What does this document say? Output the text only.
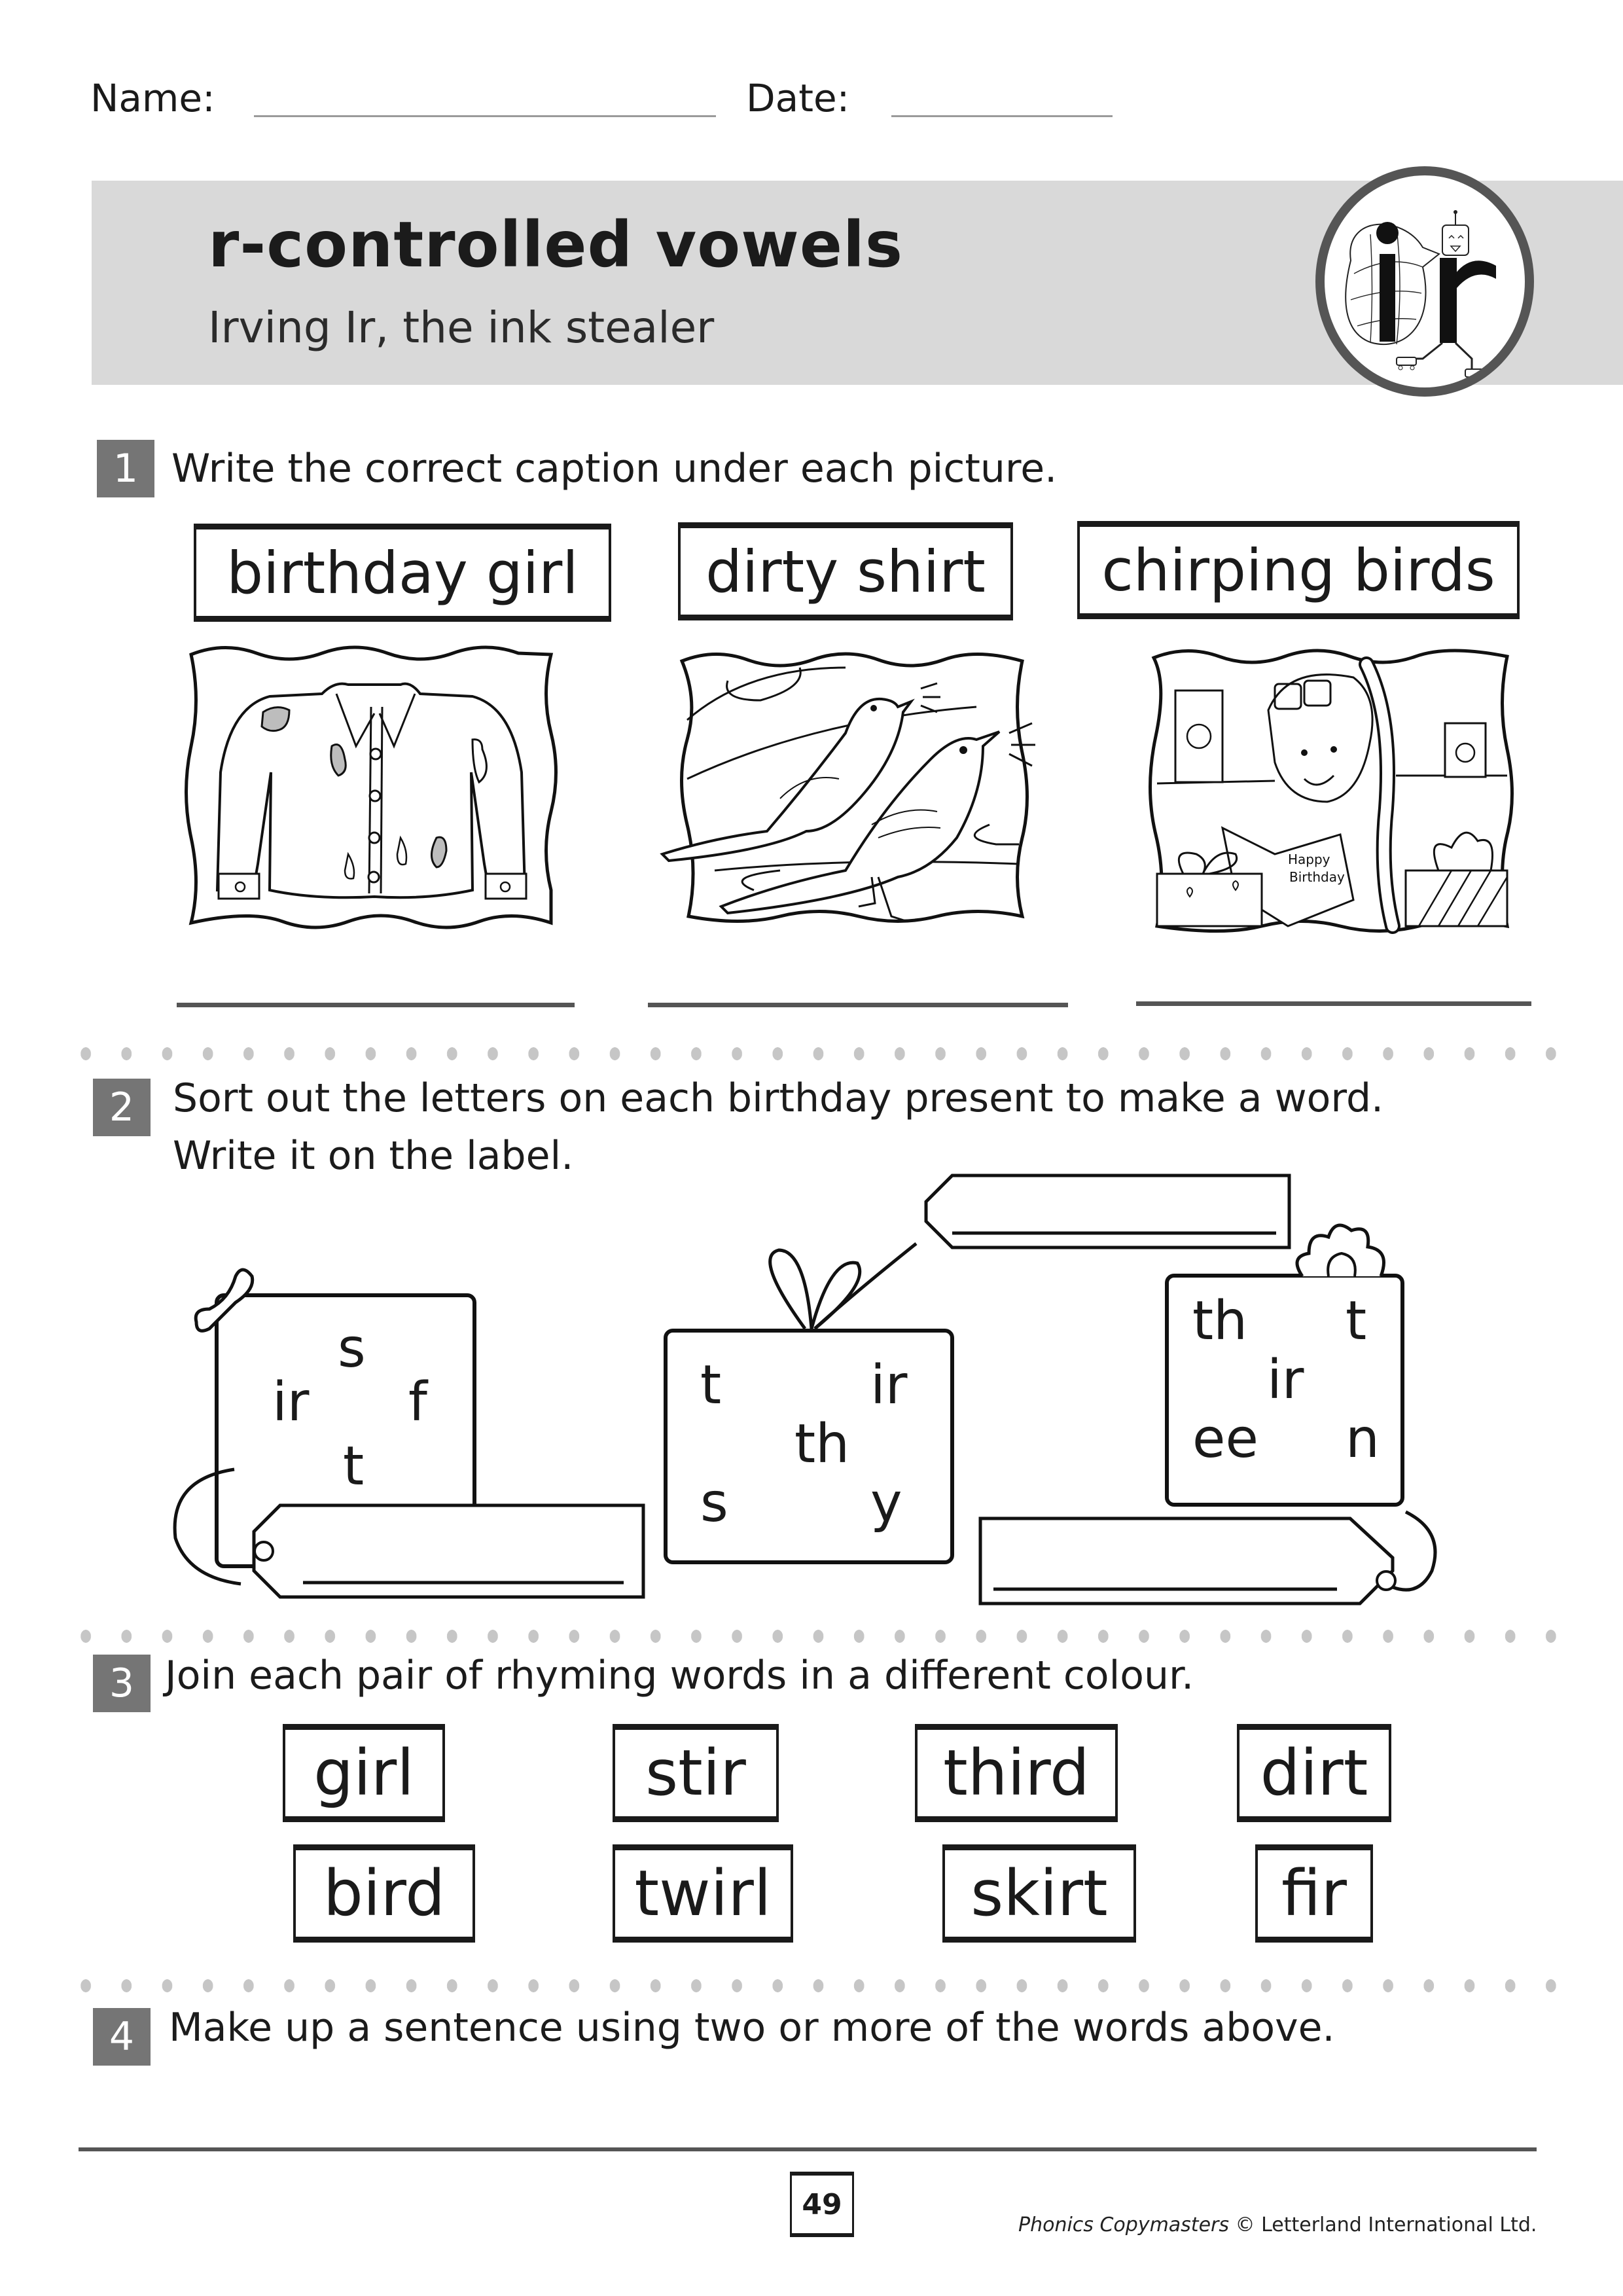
Name:	Date:
r-controlled vowels
Irving Ir, the ink stealer
1 Write the correct caption under each picture.
birthday girl	dirty shirt	chirping birds
Happy
Birthday
2 Sort out the letters on each birthday present to make a word.
Write it on the label.
s
ir f
t
t	ir
th
s	y
th t
ir
ee n
3 Join each pair of rhyming words in a different colour.
girl	stir	third	dirt
bird	twirl	skirt	fir
4 Make up a sentence using two or more of the words above.
49
Phonics Copymasters © Letterland International Ltd.
